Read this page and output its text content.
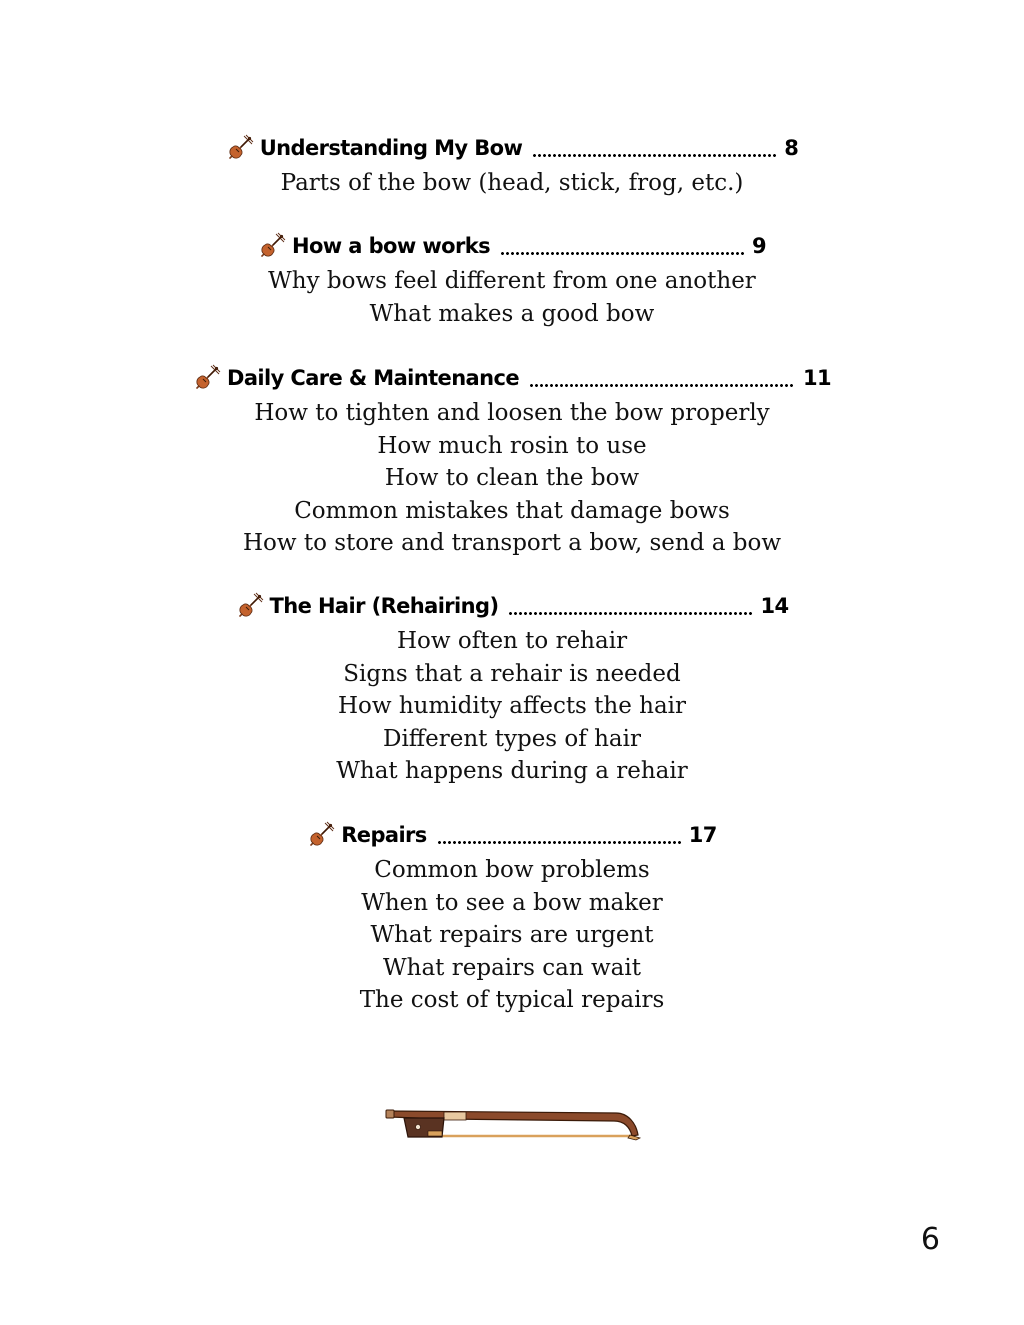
Understanding My Bow	8
Parts of the bow (head, stick, frog, etc.)
How a bow works	9
Why bows feel different from one another
What makes a good bow
Daily Care & Maintenance	11
How to tighten and loosen the bow properly
How much rosin to use
How to clean the bow
Common mistakes that damage bows
How to store and transport a bow, send a bow
The Hair (Rehairing)	14
How often to rehair
Signs that a rehair is needed
How humidity affects the hair
Different types of hair
What happens during a rehair
Repairs	17
Common bow problems
When to see a bow maker
What repairs are urgent
What repairs can wait
The cost of typical repairs
6
